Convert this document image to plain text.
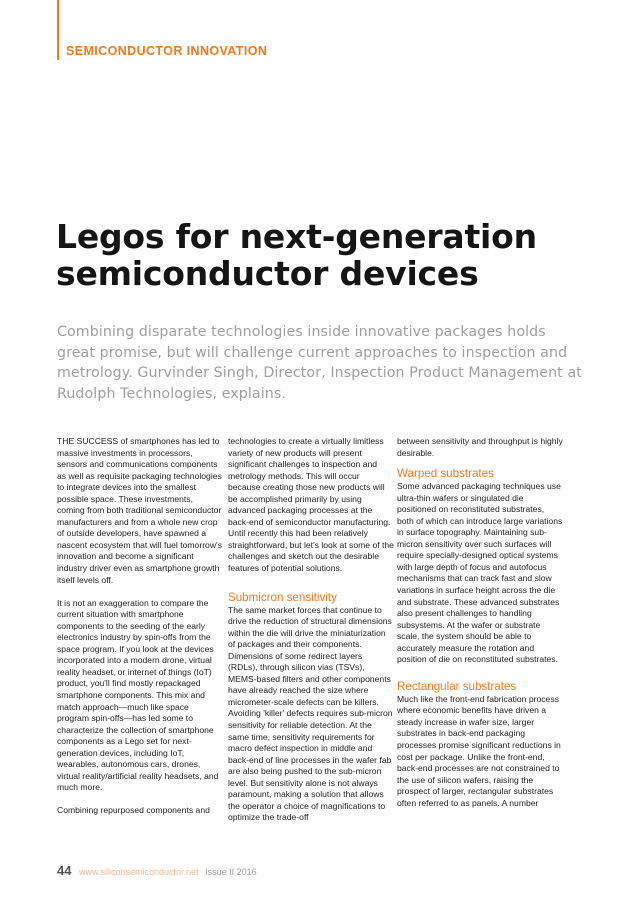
SEMICONDUCTOR INNOVATION
Legos for next-generation
semiconductor devices

Combining disparate technologies inside innovative packages holds great promise, but will challenge current approaches to inspection and metrology. Gurvinder Singh, Director, Inspection Product Management at Rudolph Technologies, explains.

THE SUCCESS of smartphones has led to massive investments in processors, sensors and communications components as well as requisite packaging technologies to integrate devices into the smallest possible space. These investments, coming from both traditional semiconductor manufacturers and from a whole new crop of outside developers, have spawned a nascent ecosystem that will fuel tomorrow's innovation and become a significant industry driver even as smartphone growth itself levels off.

It is not an exaggeration to compare the current situation with smartphone components to the seeding of the early electronics industry by spin-offs from the space program. If you look at the devices incorporated into a modern drone, virtual reality headset, or internet of things (IoT) product, you'll find mostly repackaged smartphone components. This mix and match approach—much like space program spin-offs—has led some to characterize the collection of smartphone components as a Lego set for next-generation devices, including IoT, wearables, autonomous cars, drones, virtual reality/artificial reality headsets, and much more.

Combining repurposed components and

technologies to create a virtually limitless variety of new products will present significant challenges to inspection and metrology methods. This will occur because creating those new products will be accomplished primarily by using advanced packaging processes at the back-end of semiconductor manufacturing. Until recently this had been relatively straightforward, but let's look at some of the challenges and sketch out the desirable features of potential solutions.

Submicron sensitivity

The same market forces that continue to drive the reduction of structural dimensions within the die will drive the miniaturization of packages and their components. Dimensions of some redirect layers (RDLs), through silicon vias (TSVs), MEMS-based filters and other components have already reached the size where micrometer-scale defects can be killers. Avoiding 'killer' defects requires sub-micron sensitivity for reliable detection. At the same time, sensitivity requirements for macro defect inspection in middle and back-end of line processes in the wafer fab are also being pushed to the sub-micron level. But sensitivity alone is not always paramount, making a solution that allows the operator a choice of magnifications to optimize the trade-off

between sensitivity and throughput is highly desirable.

Warped substrates

Some advanced packaging techniques use ultra-thin wafers or singulated die positioned on reconstituted substrates, both of which can introduce large variations in surface topography. Maintaining sub-micron sensitivity over such surfaces will require specially-designed optical systems with large depth of focus and autofocus mechanisms that can track fast and slow variations in surface height across the die and substrate. These advanced substrates also present challenges to handling subsystems. At the wafer or substrate scale, the system should be able to accurately measure the rotation and position of die on reconstituted substrates.

Rectangular substrates

Much like the front-end fabrication process where economic benefits have driven a steady increase in wafer size, larger substrates in back-end packaging processes promise significant reductions in cost per package. Unlike the front-end, back-end processes are not constrained to the use of silicon wafers, raising the prospect of larger, rectangular substrates often referred to as panels. A number

44 www.siliconsemiconductor.net Issue II 2016
